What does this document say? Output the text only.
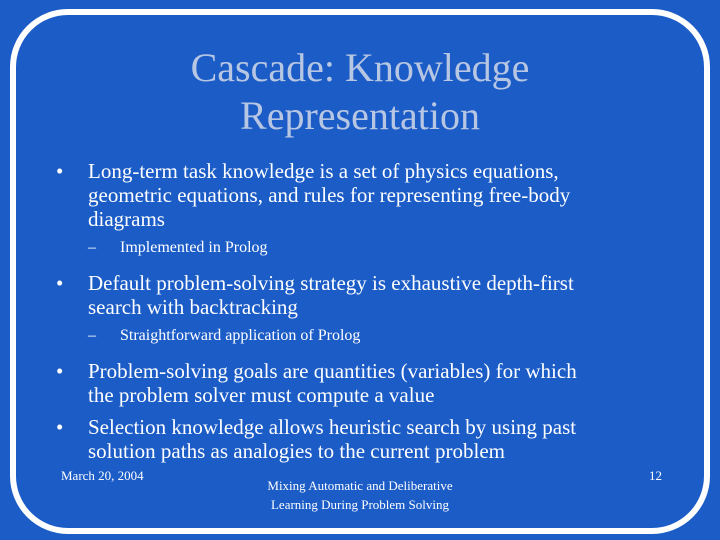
Cascade: Knowledge
Representation
• Long-term task knowledge is a set of physics equations,
geometric equations, and rules for representing free-body
diagrams
– Implemented in Prolog
• Default problem-solving strategy is exhaustive depth-first
search with backtracking
– Straightforward application of Prolog
• Problem-solving goals are quantities (variables) for which
the problem solver must compute a value
• Selection knowledge allows heuristic search by using past
solution paths as analogies to the current problem
March 20, 2004
Mixing Automatic and Deliberative
Learning During Problem Solving
12
